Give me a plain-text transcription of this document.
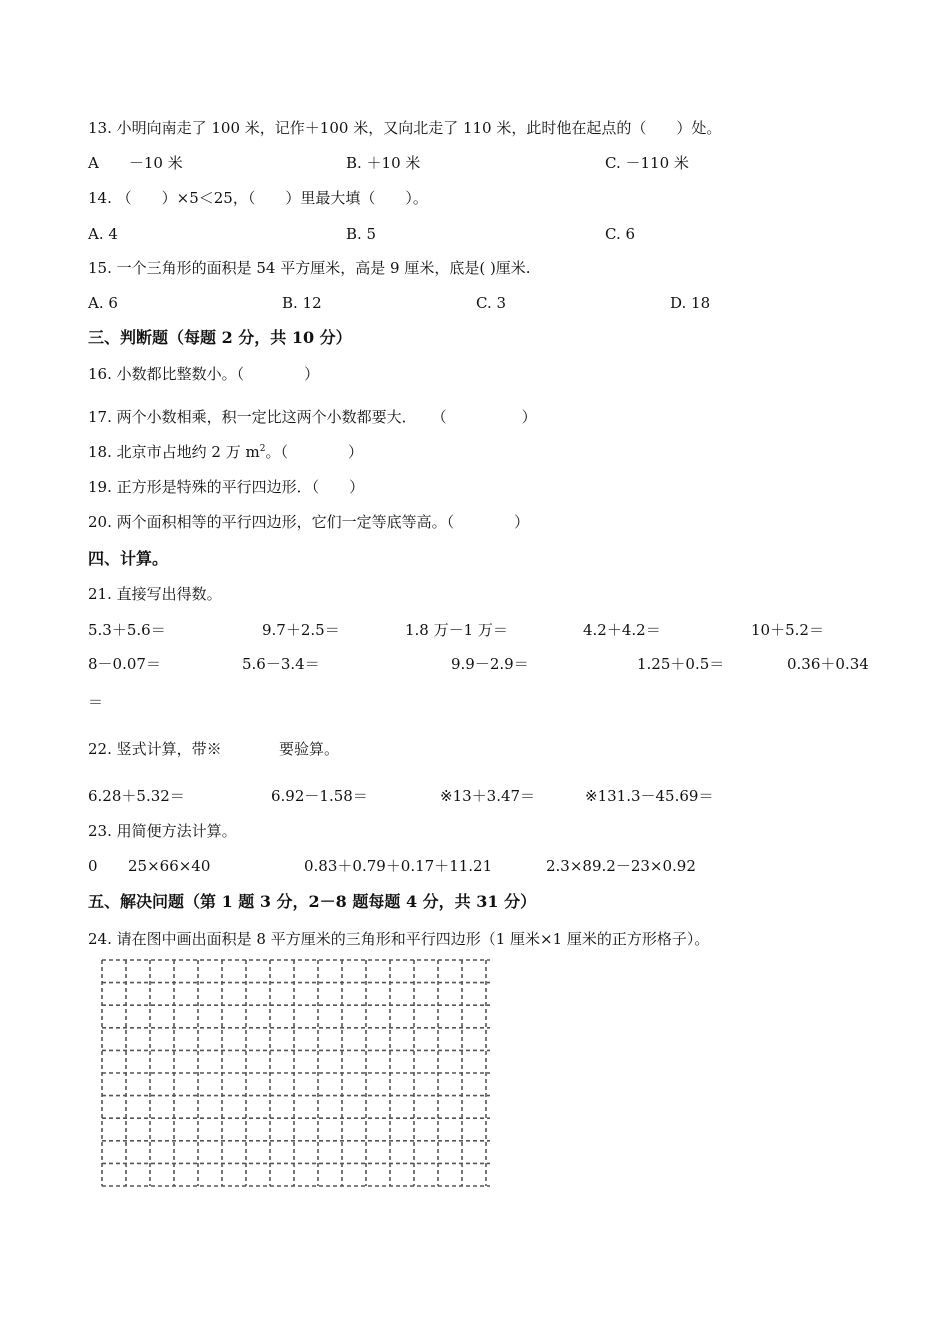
13. 小明向南走了 100 米，记作＋100 米，又向北走了 110 米，此时他在起点的（　　）处。
A　　－10 米	B. ＋10 米	C. －110 米
14. （　　）×5＜25，（　　）里最大填（　　）。
A. 4	B. 5	C. 6
15. 一个三角形的面积是 54 平方厘米，高是 9 厘米，底是( )厘米.
A. 6	B. 12	C. 3	D. 18
三、判断题（每题 2 分，共 10 分）
16. 小数都比整数小。（　　　　）
17. 两个小数相乘，积一定比这两个小数都要大．　　（　　　　　）
18. 北京市占地约 2 万 $m^2$。（　　　　）
19. 正方形是特殊的平行四边形．（　　）
20. 两个面积相等的平行四边形，它们一定等底等高。（　　　　）
四、计算。
21. 直接写出得数。
5.3＋5.6＝	9.7＋2.5＝	1.8 万－1 万＝	4.2＋4.2＝	10＋5.2＝
8－0.07＝	5.6－3.4＝	9.9－2.9＝	1.25＋0.5＝	0.36＋0.34
＝
22. 竖式计算，带※	要验算。
6.28＋5.32＝	6.92－1.58＝	※13＋3.47＝	※131.3－45.69＝
23. 用简便方法计算。
0 25×66×40	0.83＋0.79＋0.17＋11.21	2.3×89.2－23×0.92
五、解决问题（第 1 题 3 分，2－8 题每题 4 分，共 31 分）
24. 请在图中画出面积是 8 平方厘米的三角形和平行四边形（1 厘米×1 厘米的正方形格子）。
